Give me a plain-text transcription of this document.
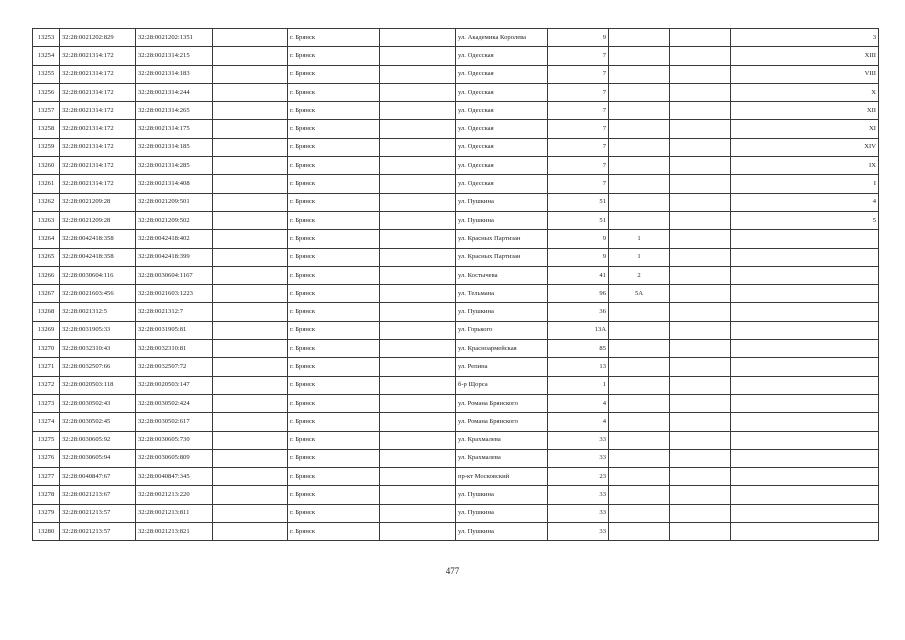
13253	32:28:0021202:829	32:28:0021202:1351		г. Брянск		ул. Академика Королева	9			3
13254	32:28:0021314:172	32:28:0021314:215		г. Брянск		ул. Одесская	7			XIII
13255	32:28:0021314:172	32:28:0021314:183		г. Брянск		ул. Одесская	7			VIII
13256	32:28:0021314:172	32:28:0021314:244		г. Брянск		ул. Одесская	7			X
13257	32:28:0021314:172	32:28:0021314:265		г. Брянск		ул. Одесская	7			XII
13258	32:28:0021314:172	32:28:0021314:175		г. Брянск		ул. Одесская	7			XI
13259	32:28:0021314:172	32:28:0021314:185		г. Брянск		ул. Одесская	7			XIV
13260	32:28:0021314:172	32:28:0021314:285		г. Брянск		ул. Одесская	7			IX
13261	32:28:0021314:172	32:28:0021314:408		г. Брянск		ул. Одесская	7			I
13262	32:28:0021209:28	32:28:0021209:501		г. Брянск		ул. Пушкина	51			4
13263	32:28:0021209:28	32:28:0021209:502		г. Брянск		ул. Пушкина	51			5
13264	32:28:0042418:358	32:28:0042418:402		г. Брянск		ул. Красных Партизан	9	1		
13265	32:28:0042418:358	32:28:0042418:399		г. Брянск		ул. Красных Партизан	9	1		
13266	32:28:0030604:116	32:28:0030604:1167		г. Брянск		ул. Костычева	41	2		
13267	32:28:0021603:456	32:28:0021603:1223		г. Брянск		ул. Тельмана	96	5А		
13268	32:28:0021312:5	32:28:0021312:7		г. Брянск		ул. Пушкина	36			
13269	32:28:0031905:33	32:28:0031905:81		г. Брянск		ул. Горького	13А			
13270	32:28:0032310:43	32:28:0032310:81		г. Брянск		ул. Красноармейская	85			
13271	32:28:0032507:66	32:28:0032507:72		г. Брянск		ул. Репина	13			
13272	32:28:0020503:118	32:28:0020503:147		г. Брянск		б-р Щорса	1			
13273	32:28:0030502:43	32:28:0030502:424		г. Брянск		ул. Романа Брянского	4			
13274	32:28:0030502:45	32:28:0030502:617		г. Брянск		ул. Романа Брянского	4			
13275	32:28:0030605:92	32:28:0030605:730		г. Брянск		ул. Крахмалева	33			
13276	32:28:0030605:94	32:28:0030605:809		г. Брянск		ул. Крахмалева	33			
13277	32:28:0040847:67	32:28:0040847:345		г. Брянск		пр-кт Московский	23			
13278	32:28:0021213:67	32:28:0021213:220		г. Брянск		ул. Пушкина	33			
13279	32:28:0021213:57	32:28:0021213:811		г. Брянск		ул. Пушкина	33			
13280	32:28:0021213:57	32:28:0021213:821		г. Брянск		ул. Пушкина	33			
477
